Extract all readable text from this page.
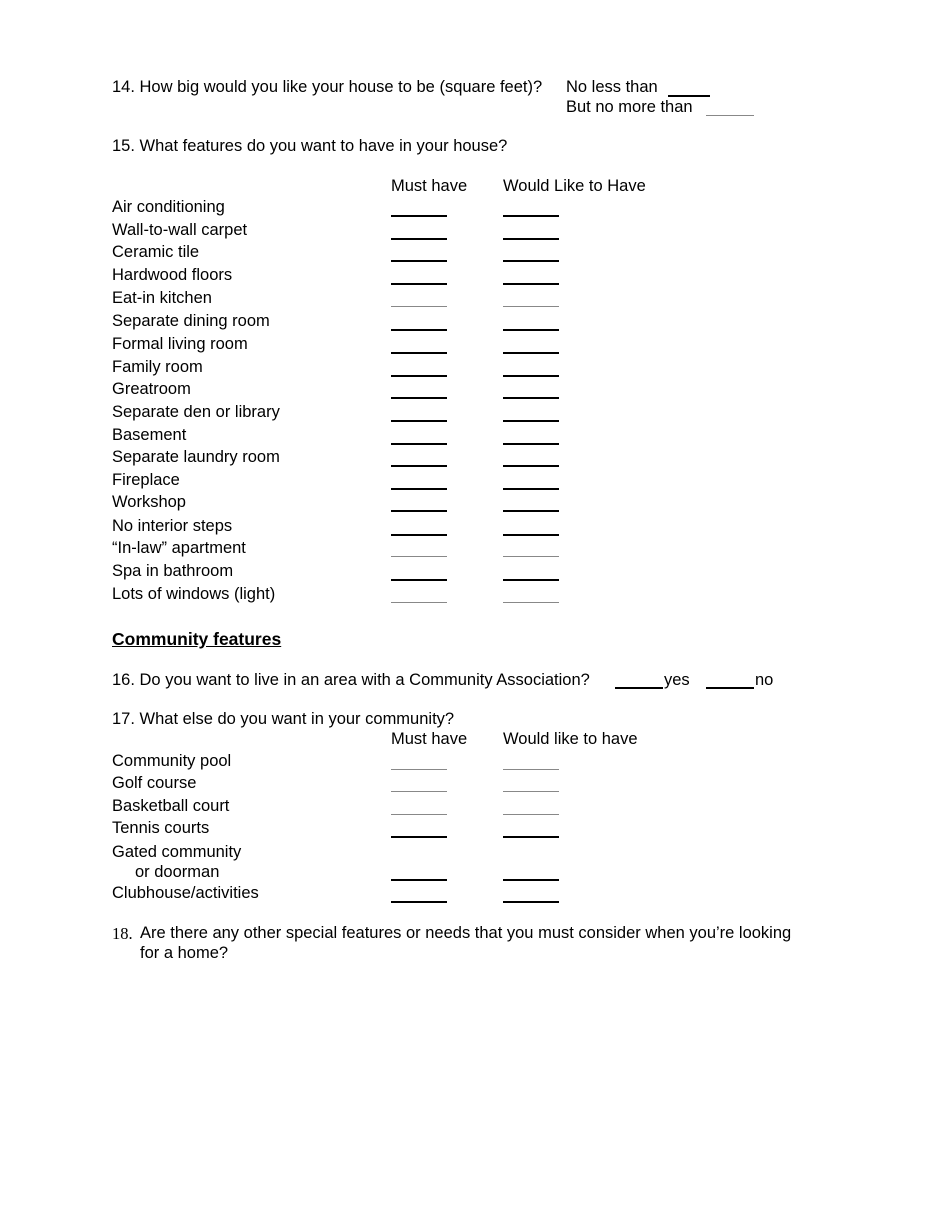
14. How big would you like your house to be (square feet)? No less than
But no more than
15. What features do you want to have in your house?
Must have Would Like to Have
Air conditioning
Wall-to-wall carpet
Ceramic tile
Hardwood floors
Eat-in kitchen
Separate dining room
Formal living room
Family room
Greatroom
Separate den or library
Basement
Separate laundry room
Fireplace
Workshop
No interior steps
“In-law” apartment
Spa in bathroom
Lots of windows (light)
Community features
16. Do you want to live in an area with a Community Association?	yes	no
17. What else do you want in your community?
Must have Would like to have
Community pool
Golf course
Basketball court
Tennis courts
Gated community
or doorman
Clubhouse/activities
18. Are there any other special features or needs that you must consider when you’re looking
for a home?
